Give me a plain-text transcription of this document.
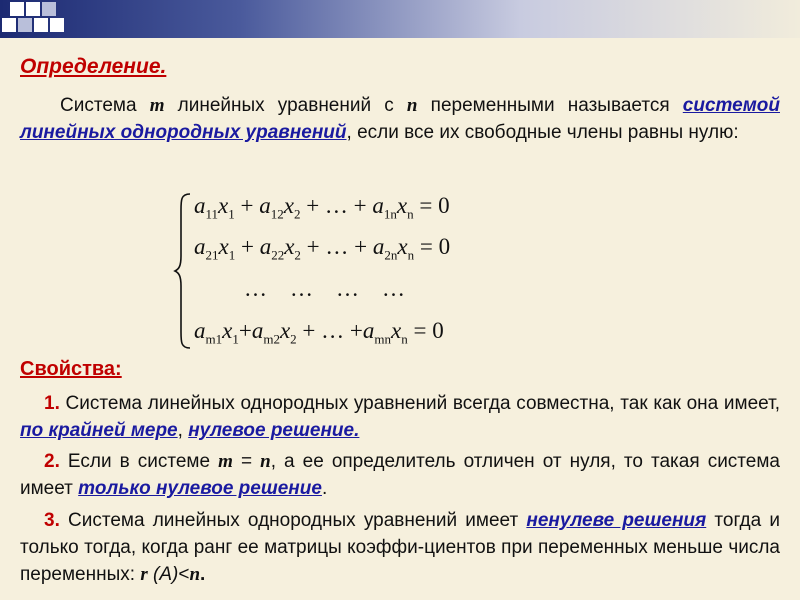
Определение.

Система m линейных уравнений с n переменными называется системой линейных однородных уравнений, если все их свободные члены равны нулю:

$a_{11}x_1 + a_{12}x_2$ + … + $a_{1n}x_n = 0$
$a_{21}x_1 + a_{22}x_2$ + … + $a_{2n}x_n = 0$
…    …    …    …
$a_{m1}x_1+a_{m2}x_2$ + … $+a_{mn}x_n = 0$
Свойства:

1. Система линейных однородных уравнений всегда совместна, так как она имеет, по крайней мере, нулевое решение.

2. Если в системе m = n, а ее определитель отличен от нуля, то такая система имеет только нулевое решение.

3. Система линейных однородных уравнений имеет ненулеве решения тогда и только тогда, когда ранг ее матрицы коэффи-циентов при переменных меньше числа переменных: r (A)<n.
